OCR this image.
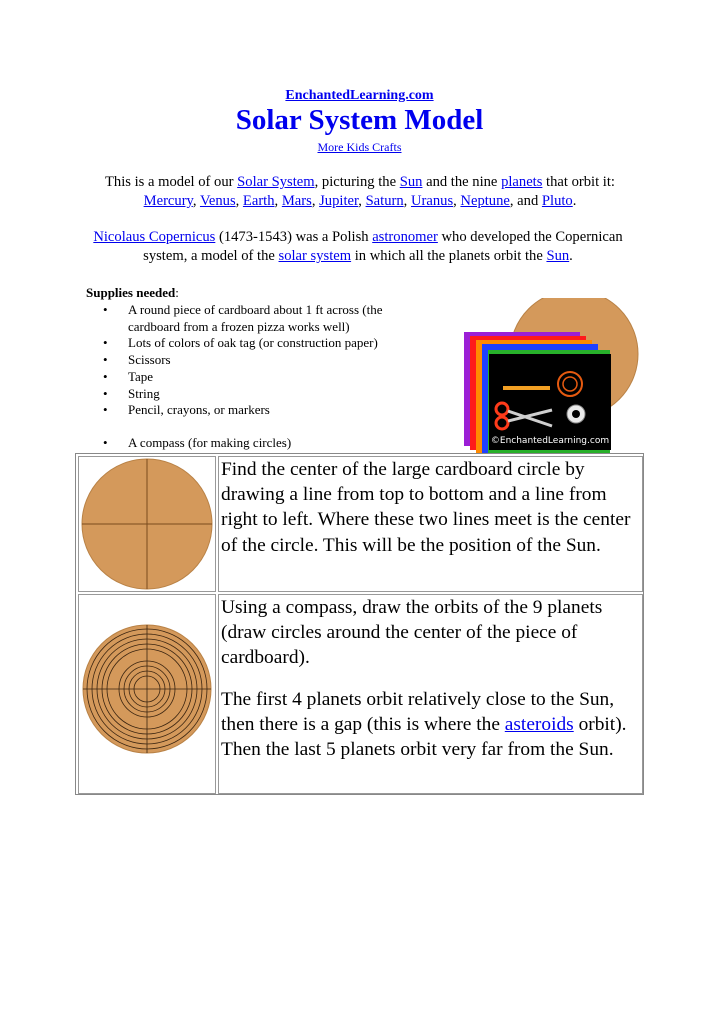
EnchantedLearning.com
Solar System Model
More Kids Crafts

This is a model of our Solar System, picturing the Sun and the nine planets that orbit it: Mercury, Venus, Earth, Mars, Jupiter, Saturn, Uranus, Neptune, and Pluto.

Nicolaus Copernicus (1473-1543) was a Polish astronomer who developed the Copernican system, a model of the solar system in which all the planets orbit the Sun.

Supplies needed:
• A round piece of cardboard about 1 ft across (the cardboard from a frozen pizza works well)
• Lots of colors of oak tag (or construction paper)
• Scissors
• Tape
• String
• Pencil, crayons, or markers
• A compass (for making circles)	©EnchantedLearning.com

Find the center of the large cardboard circle by drawing a line from top to bottom and a line from right to left. Where these two lines meet is the center of the circle. This will be the position of the Sun.

Using a compass, draw the orbits of the 9 planets (draw circles around the center of the piece of cardboard).

The first 4 planets orbit relatively close to the Sun, then there is a gap (this is where the asteroids orbit). Then the last 5 planets orbit very far from the Sun.
